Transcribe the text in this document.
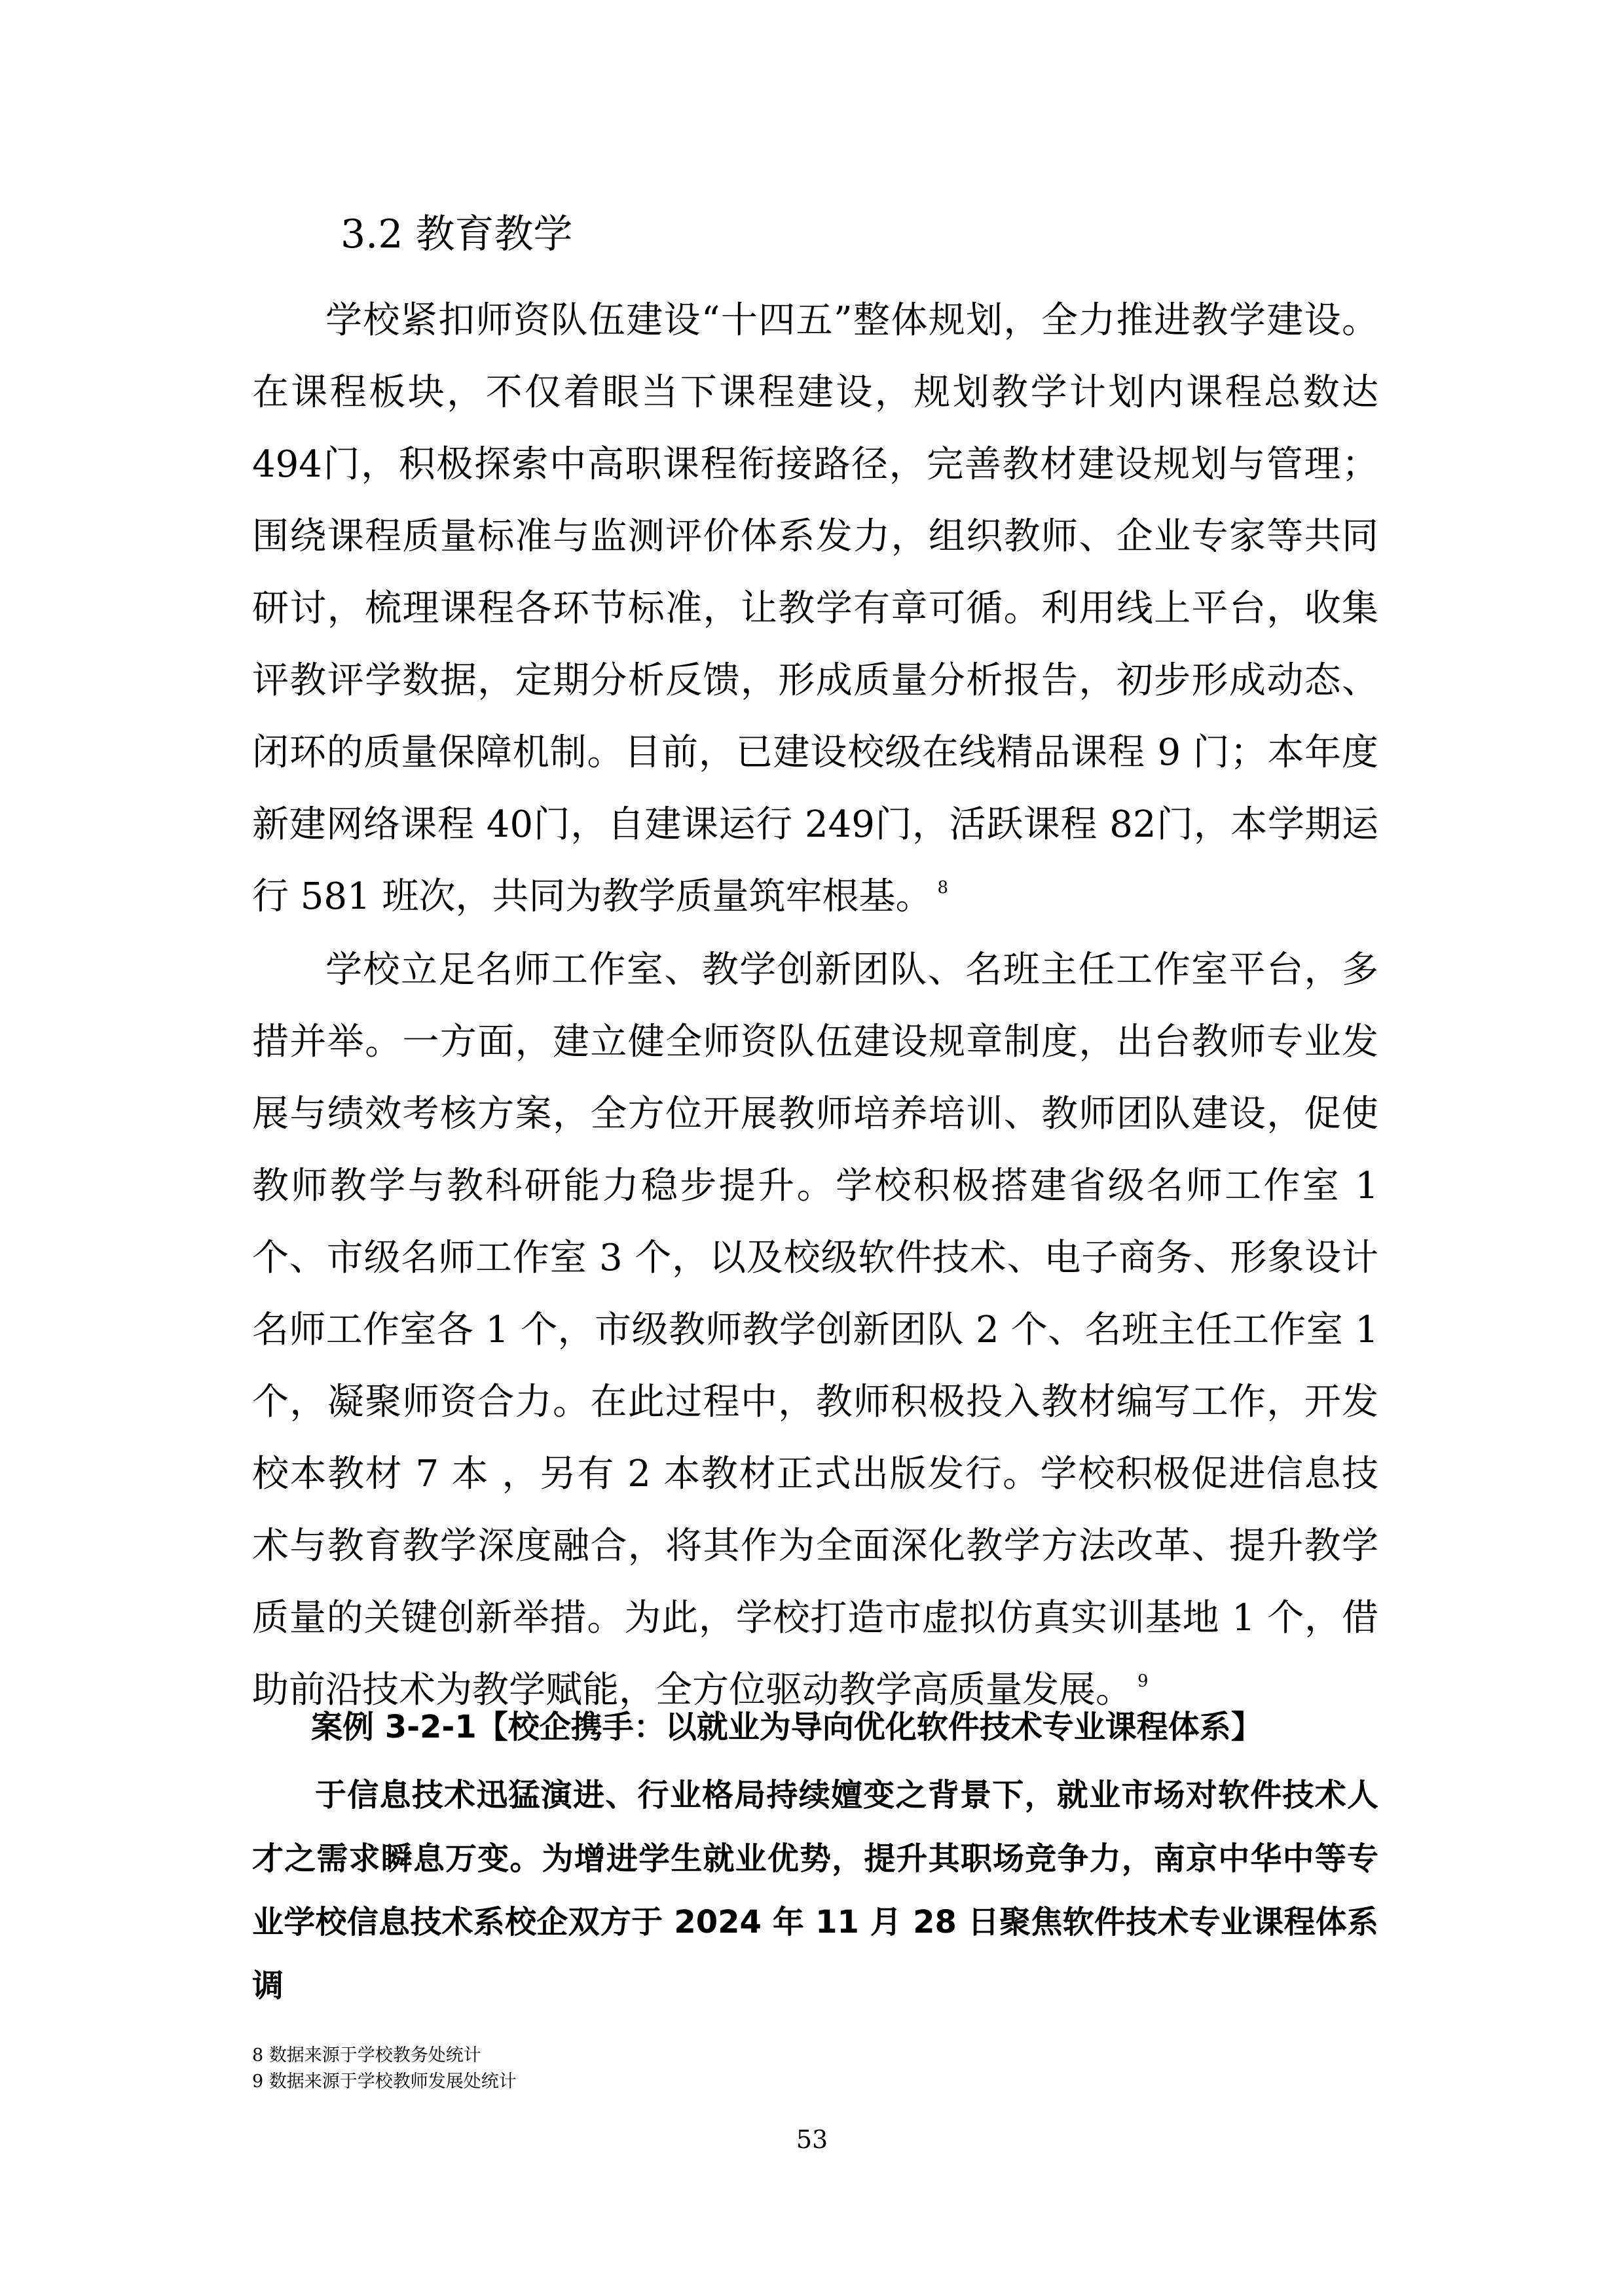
3.2 教育教学

学校紧扣师资队伍建设“十四五”整体规划，全力推进教学建设。在课程板块，不仅着眼当下课程建设，规划教学计划内课程总数达494门，积极探索中高职课程衔接路径，完善教材建设规划与管理；围绕课程质量标准与监测评价体系发力，组织教师、企业专家等共同研讨，梳理课程各环节标准，让教学有章可循。利用线上平台，收集评教评学数据，定期分析反馈，形成质量分析报告，初步形成动态、闭环的质量保障机制。目前，已建设校级在线精品课程 9 门；本年度新建网络课程 40门，自建课运行 249门，活跃课程 82门，本学期运行 581 班次，共同为教学质量筑牢根基。 $^8$

学校立足名师工作室、教学创新团队、名班主任工作室平台，多措并举。一方面，建立健全师资队伍建设规章制度，出台教师专业发展与绩效考核方案，全方位开展教师培养培训、教师团队建设，促使教师教学与教科研能力稳步提升。学校积极搭建省级名师工作室 1 个、市级名师工作室 3 个，以及校级软件技术、电子商务、形象设计名师工作室各 1 个，市级教师教学创新团队 2 个、名班主任工作室 1 个，凝聚师资合力。在此过程中，教师积极投入教材编写工作，开发校本教材 7 本 ，另有 2 本教材正式出版发行。学校积极促进信息技术与教育教学深度融合，将其作为全面深化教学方法改革、提升教学质量的关键创新举措。为此，学校打造市虚拟仿真实训基地 1 个，借助前沿技术为教学赋能，全方位驱动教学高质量发展。 $^9$

案例 3-2-1【校企携手：以就业为导向优化软件技术专业课程体系】

于信息技术迅猛演进、行业格局持续嬗变之背景下，就业市场对软件技术人才之需求瞬息万变。为增进学生就业优势，提升其职场竞争力，南京中华中等专业学校信息技术系校企双方于 2024 年 11 月 28 日聚焦软件技术专业课程体系调

8 数据来源于学校教务处统计

9 数据来源于学校教师发展处统计

53
